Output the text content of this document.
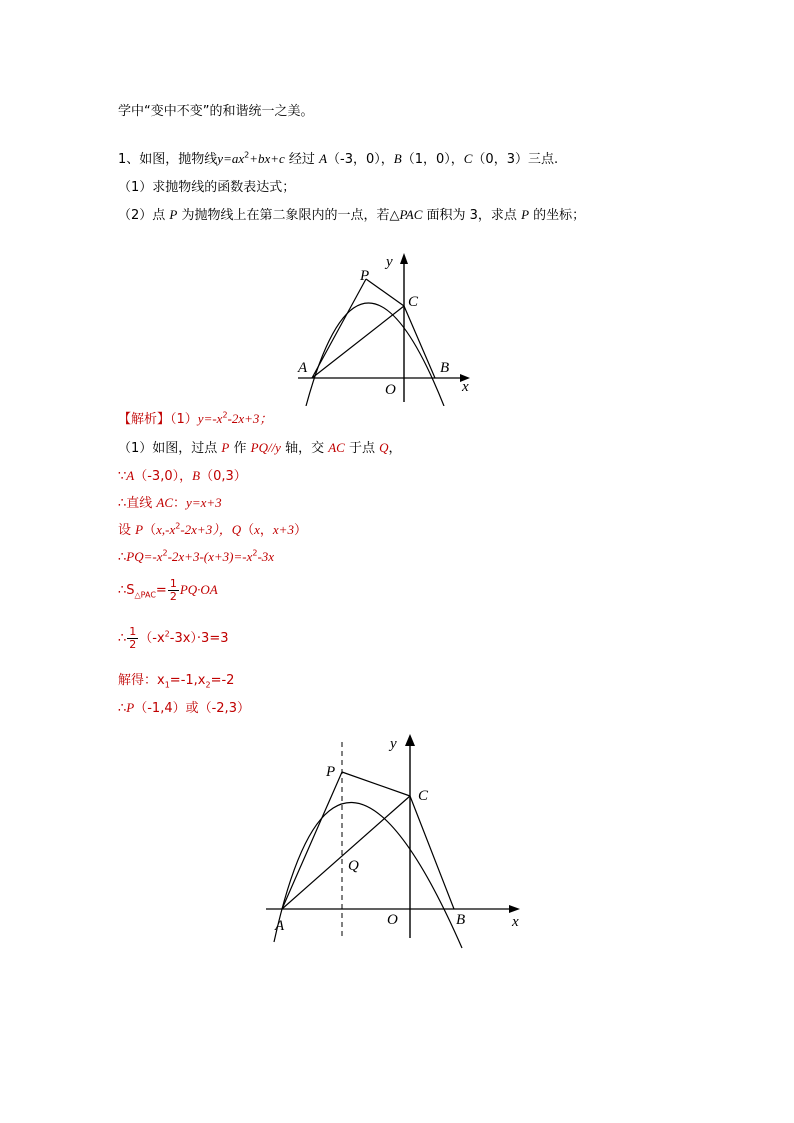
学中“变中不变”的和谐统一之美。
1、如图，抛物线$y=ax^2+bx+c$ 经过 A（-3，0），B（1，0），C（0，3）三点.
（1）求抛物线的函数表达式；
（2）点 P 为抛物线上在第二象限内的一点，若△PAC 面积为 3，求点 P 的坐标；
y
P
C
A	B
O	x
【解析】$(1)y=-x^2-2x+3$；
（1）如图，过点 P 作 PQ//y 轴，交 AC 于点 Q，
∵A（-3,0），B（0,3）
∴直线 AC：y=x+3
设 $P(x,-x^2-2x+3)$，Q（x，x+3）
$\therefore PQ=-x^2-2x+3-(x+3)=-x^2-3x$
$\therefore S_{\triangle PAC}= \frac{1}{2} PQ\cdot OA$
∴ $\frac{1}{2} (-x^2-3x)\cdot 3=3$
解得：$x_1=-1,x_2=-2$
∴P（-1,4）或（-2,3）
y
P
C
Q
A	O	B	x
